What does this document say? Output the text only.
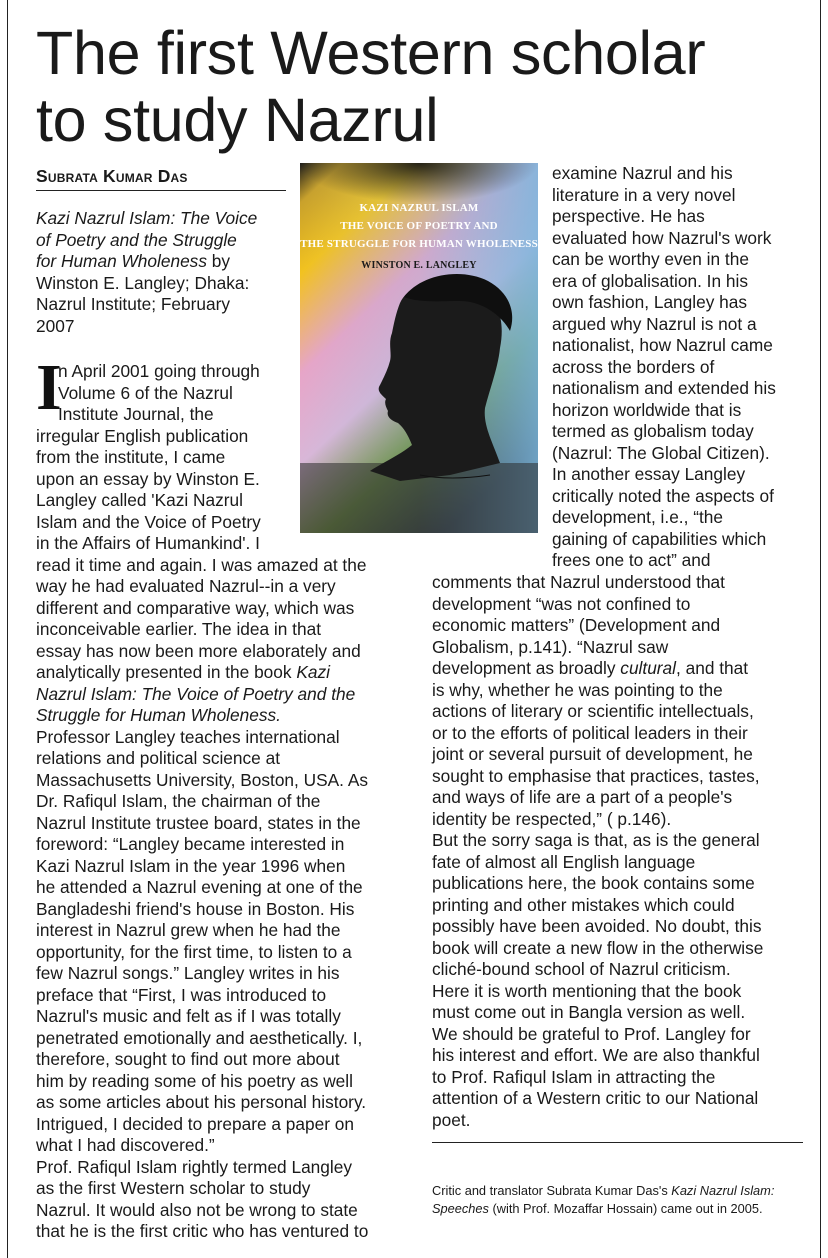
The first Western scholar
to study Nazrul
Subrata Kumar Das
Kazi Nazrul Islam: The Voice
of Poetry and the Struggle
for Human Wholeness by
Winston E. Langley; Dhaka:
Nazrul Institute; February
2007
KAZI NAZRUL ISLAM
THE VOICE OF POETRY AND
THE STRUGGLE FOR HUMAN WHOLENESS
WINSTON E. LANGLEY
I
n April 2001 going through
Volume 6 of the Nazrul
Institute Journal, the
irregular English publication
from the institute, I came
upon an essay by Winston E.
Langley called 'Kazi Nazrul
Islam and the Voice of Poetry
in the Affairs of Humankind'. I
read it time and again. I was amazed at the
way he had evaluated Nazrul--in a very
different and comparative way, which was
inconceivable earlier. The idea in that
essay has now been more elaborately and
analytically presented in the book Kazi

Nazrul Islam: The Voice of Poetry and the
Struggle for Human Wholeness.

Professor Langley teaches international
relations and political science at
Massachusetts University, Boston, USA. As
Dr. Rafiqul Islam, the chairman of the
Nazrul Institute trustee board, states in the
foreword: “Langley became interested in
Kazi Nazrul Islam in the year 1996 when
he attended a Nazrul evening at one of the
Bangladeshi friend's house in Boston. His
interest in Nazrul grew when he had the
opportunity, for the first time, to listen to a
few Nazrul songs.” Langley writes in his
preface that “First, I was introduced to
Nazrul's music and felt as if I was totally
penetrated emotionally and aesthetically. I,
therefore, sought to find out more about
him by reading some of his poetry as well
as some articles about his personal history.
Intrigued, I decided to prepare a paper on
what I had discovered.”
Prof. Rafiqul Islam rightly termed Langley
as the first Western scholar to study
Nazrul. It would also not be wrong to state
that he is the first critic who has ventured to
examine Nazrul and his
literature in a very novel
perspective. He has
evaluated how Nazrul's work
can be worthy even in the
era of globalisation. In his
own fashion, Langley has
argued why Nazrul is not a
nationalist, how Nazrul came
across the borders of
nationalism and extended his
horizon worldwide that is
termed as globalism today
(Nazrul: The Global Citizen).
In another essay Langley
critically noted the aspects of
development, i.e., “the
gaining of capabilities which
frees one to act” and
comments that Nazrul understood that
development “was not confined to
economic matters” (Development and
Globalism, p.141). “Nazrul saw
development as broadly cultural, and that

is why, whether he was pointing to the
actions of literary or scientific intellectuals,
or to the efforts of political leaders in their
joint or several pursuit of development, he
sought to emphasise that practices, tastes,
and ways of life are a part of a people's
identity be respected,” ( p.146).
But the sorry saga is that, as is the general
fate of almost all English language
publications here, the book contains some
printing and other mistakes which could
possibly have been avoided. No doubt, this
book will create a new flow in the otherwise
cliché-bound school of Nazrul criticism.
Here it is worth mentioning that the book
must come out in Bangla version as well.
We should be grateful to Prof. Langley for
his interest and effort. We are also thankful
to Prof. Rafiqul Islam in attracting the
attention of a Western critic to our National
poet.
Critic and translator Subrata Kumar Das's Kazi Nazrul Islam:
Speeches (with Prof. Mozaffar Hossain) came out in 2005.
